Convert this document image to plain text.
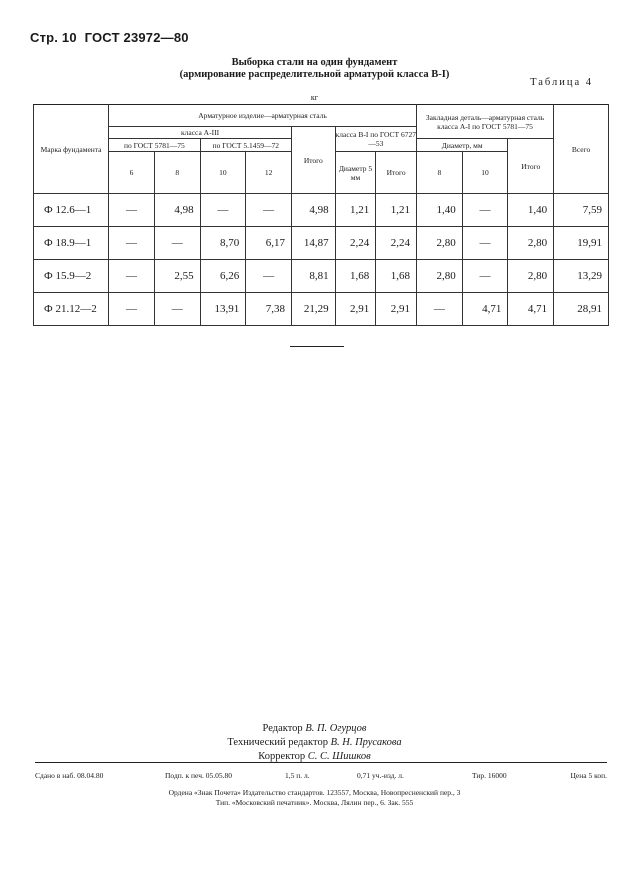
Стр. 10 ГОСТ 23972—80
Выборка стали на один фундамент
(армирование распределительной арматурой класса В-I)
Таблица 4
кг
Марка фундамента	Арматурное изделие—арматурная сталь							Закладная деталь—арматурная сталь класса А-I по ГОСТ 5781—75			Всего
	класса А-III				Итого	класса В-I по ГОСТ 6727—53					
	по ГОСТ 5781—75		по ГОСТ 5.1459—72					Диаметр, мм		Итого	
	6	8	10	12		Диаметр 5 мм	Итого	8	10		
Ф 12.6—1	—	4,98	—	—	4,98	1,21	1,21	1,40	—	1,40	7,59
Ф 18.9—1	—	—	8,70	6,17	14,87	2,24	2,24	2,80	—	2,80	19,91
Ф 15.9—2	—	2,55	6,26	—	8,81	1,68	1,68	2,80	—	2,80	13,29
Ф 21.12—2	—	—	13,91	7,38	21,29	2,91	2,91	—	4,71	4,71	28,91
Редактор В. П. Огурцов
Технический редактор В. Н. Прусакова
Корректор С. С. Шишков
Сдано в наб. 08.04.80	Подп. к печ. 05.05.80	1,5 п. л.	0,71 уч.-изд. л.	Тир. 16000	Цена 5 коп.
Ордена «Знак Почета» Издательство стандартов. 123557, Москва, Новопресненский пер., 3
Тип. «Московский печатник». Москва, Лялин пер., 6. Зак. 555
